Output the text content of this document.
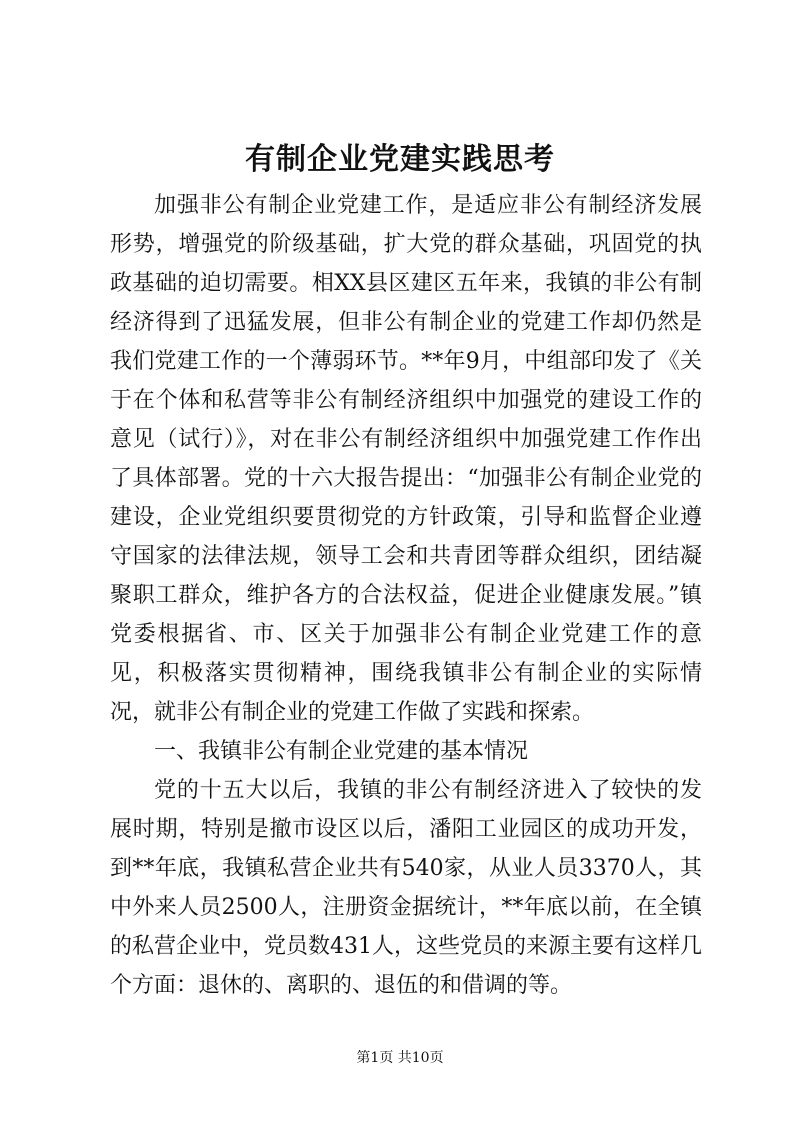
有制企业党建实践思考

加强非公有制企业党建工作，是适应非公有制经济发展形势，增强党的阶级基础，扩大党的群众基础，巩固党的执政基础的迫切需要。相XX县区建区五年来，我镇的非公有制经济得到了迅猛发展，但非公有制企业的党建工作却仍然是我们党建工作的一个薄弱环节。**年9月，中组部印发了《关于在个体和私营等非公有制经济组织中加强党的建设工作的意见（试行）》，对在非公有制经济组织中加强党建工作作出了具体部署。党的十六大报告提出：“加强非公有制企业党的建设，企业党组织要贯彻党的方针政策，引导和监督企业遵守国家的法律法规，领导工会和共青团等群众组织，团结凝聚职工群众，维护各方的合法权益，促进企业健康发展。”镇党委根据省、市、区关于加强非公有制企业党建工作的意见，积极落实贯彻精神，围绕我镇非公有制企业的实际情况，就非公有制企业的党建工作做了实践和探索。

一、我镇非公有制企业党建的基本情况

党的十五大以后，我镇的非公有制经济进入了较快的发展时期，特别是撤市设区以后，潘阳工业园区的成功开发，到**年底，我镇私营企业共有540家，从业人员3370人，其中外来人员2500人，注册资金据统计，**年底以前，在全镇的私营企业中，党员数431人，这些党员的来源主要有这样几个方面：退休的、离职的、退伍的和借调的等。

第1页 共10页
